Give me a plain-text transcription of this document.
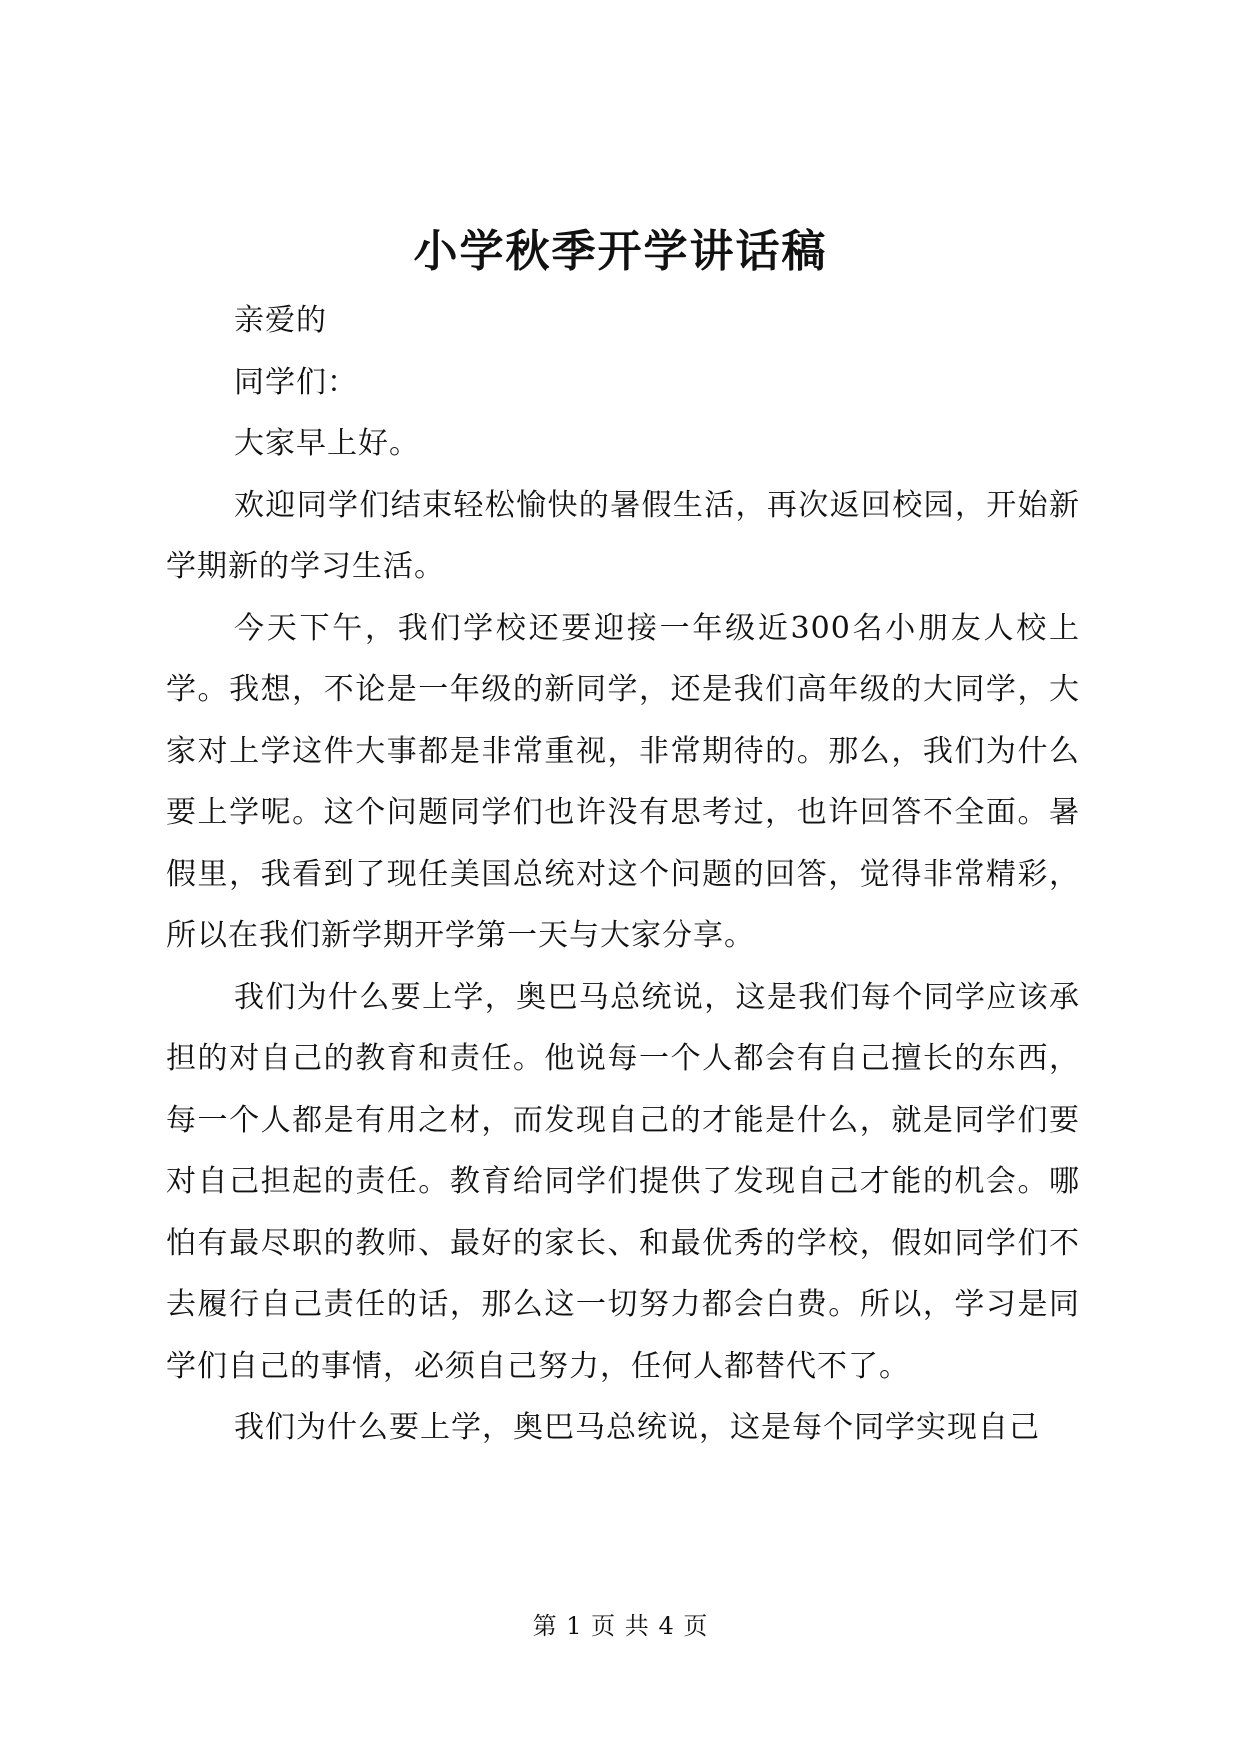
小学秋季开学讲话稿

亲爱的

同学们：

大家早上好。

欢迎同学们结束轻松愉快的暑假生活，再次返回校园，开始新学期新的学习生活。

今天下午，我们学校还要迎接一年级近300名小朋友人校上学。我想，不论是一年级的新同学，还是我们高年级的大同学，大家对上学这件大事都是非常重视，非常期待的。那么，我们为什么要上学呢。这个问题同学们也许没有思考过，也许回答不全面。暑假里，我看到了现任美国总统对这个问题的回答，觉得非常精彩，所以在我们新学期开学第一天与大家分享。

我们为什么要上学，奥巴马总统说，这是我们每个同学应该承担的对自己的教育和责任。他说每一个人都会有自己擅长的东西，每一个人都是有用之材，而发现自己的才能是什么，就是同学们要对自己担起的责任。教育给同学们提供了发现自己才能的机会。哪怕有最尽职的教师、最好的家长、和最优秀的学校，假如同学们不去履行自己责任的话，那么这一切努力都会白费。所以，学习是同学们自己的事情，必须自己努力，任何人都替代不了。

我们为什么要上学，奥巴马总统说，这是每个同学实现自己

第 1 页 共 4 页
